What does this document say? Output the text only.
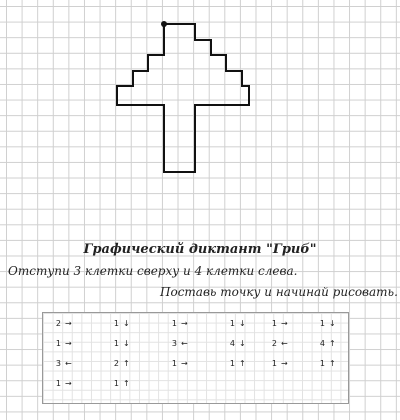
Графический диктант "Гриб"
Отступи 3 клетки сверху и 4 клетки слева.
Поставь точку и начинай рисовать.
2 →	1 ↓	1 →	1 ↓	1 →	1 ↓
1 →	1 ↓	3 ←	4 ↓	2 ←	4 ↑
3 ←	2 ↑	1 →	1 ↑	1 →	1 ↑
1 →	1 ↑
